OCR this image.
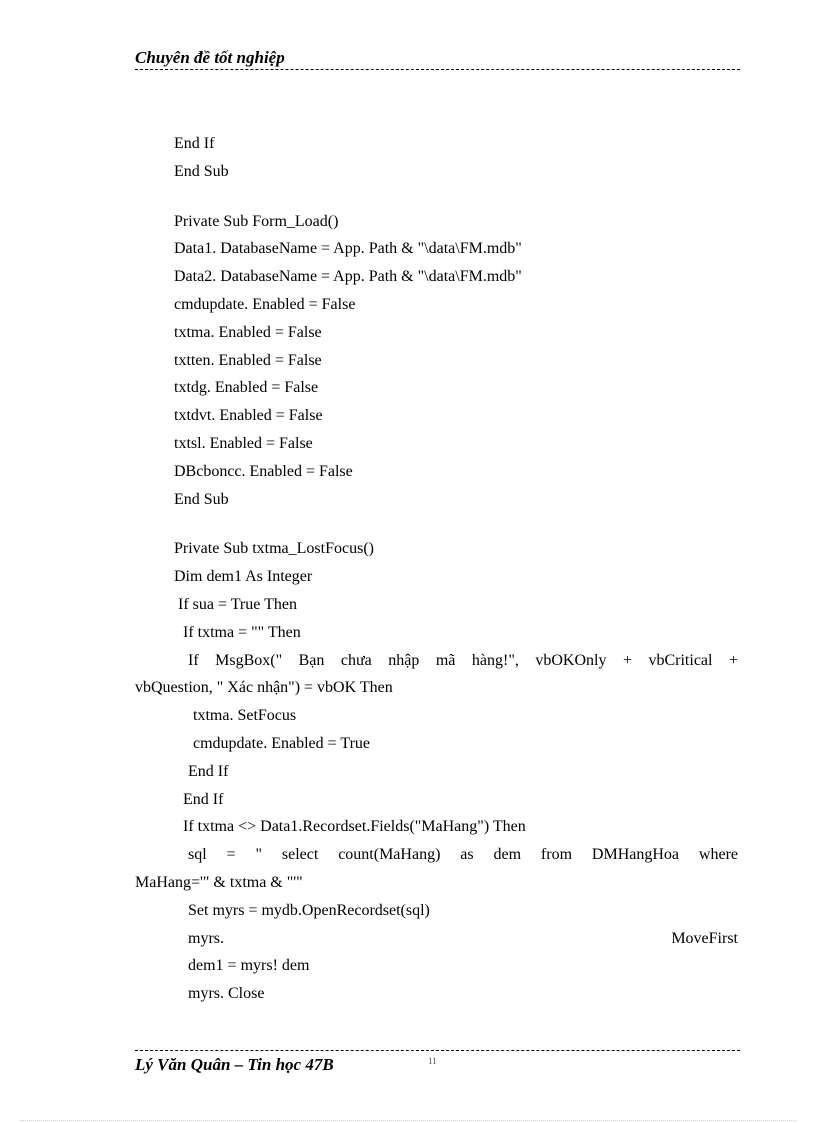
Chuyên đề tốt nghiệp
End If
End Sub
Private Sub Form_Load()
Data1. DatabaseName = App. Path & "\data\FM.mdb"
Data2. DatabaseName = App. Path & "\data\FM.mdb"
cmdupdate. Enabled = False
txtma. Enabled = False
txtten. Enabled = False
txtdg. Enabled = False
txtdvt. Enabled = False
txtsl. Enabled = False
DBcboncc. Enabled = False
End Sub
Private Sub txtma_LostFocus()
Dim dem1 As Integer
If sua = True Then
If txtma = "" Then
If MsgBox(" Bạn chưa nhập mã hàng!", vbOKOnly + vbCritical +
vbQuestion, " Xác nhận") = vbOK Then
txtma. SetFocus
cmdupdate. Enabled = True
End If
End If
If txtma <> Data1.Recordset.Fields("MaHang") Then
sql = " select count(MaHang) as dem from DMHangHoa where
MaHang='" & txtma & "'"
Set myrs = mydb.OpenRecordset(sql)
myrs.	MoveFirst
dem1 = myrs! dem
myrs. Close
Lý Văn Quân – Tin học 47B	11
